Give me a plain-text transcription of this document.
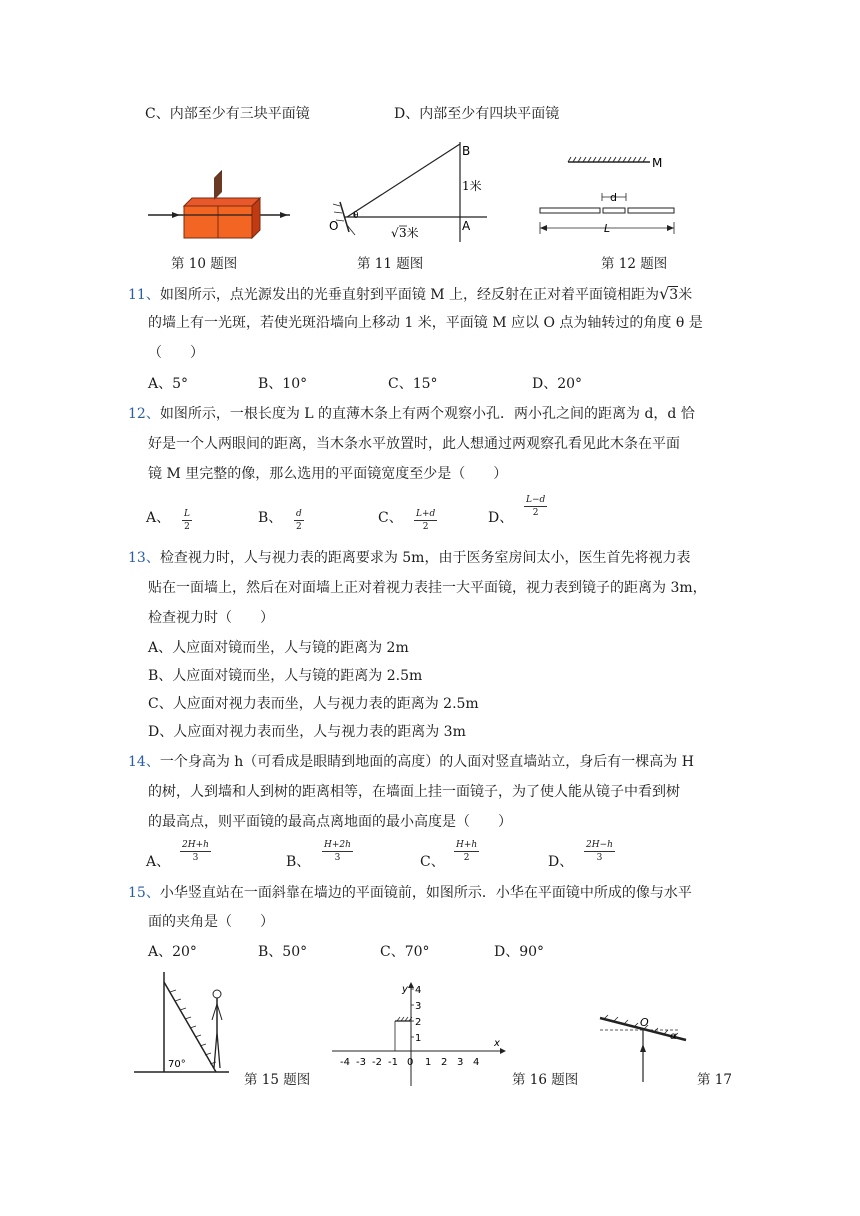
C、内部至少有三块平面镜	D、内部至少有四块平面镜
第 10 题图
θ
O
B
A
1米
√ 3米
第 11 题图
M
d
L
第 12 题图
11、如图所示，点光源发出的光垂直射到平面镜 M 上，经反射在正对着平面镜相距为√3米
的墙上有一光斑，若使光斑沿墙向上移动 1 米，平面镜 M 应以 O 点为轴转过的角度 θ 是
（　　）
A、5°	B、10°	C、15°	D、20°
12、如图所示，一根长度为 L 的直薄木条上有两个观察小孔．两小孔之间的距离为 d，d 恰
好是一个人两眼间的距离，当木条水平放置时，此人想通过两观察孔看见此木条在平面
镜 M 里完整的像，那么选用的平面镜宽度至少是（　　）
A、 L
2
B、 d
2
C、 L+d
2
D、
L−d
2
13、检查视力时，人与视力表的距离要求为 5m，由于医务室房间太小，医生首先将视力表
贴在一面墙上，然后在对面墙上正对着视力表挂一大平面镜，视力表到镜子的距离为 3m，
检查视力时（　　）
A、人应面对镜而坐，人与镜的距离为 2m
B、人应面对镜而坐，人与镜的距离为 2.5m
C、人应面对视力表而坐，人与视力表的距离为 2.5m
D、人应面对视力表而坐，人与视力表的距离为 3m
14、一个身高为 h（可看成是眼睛到地面的高度）的人面对竖直墙站立，身后有一棵高为 H
的树，人到墙和人到树的距离相等，在墙面上挂一面镜子，为了使人能从镜子中看到树
的最高点，则平面镜的最高点离地面的最小高度是（　　）
A、
2H+h
3	B、
H+2h
3	C、
H+h
2	D、
2H−h
3
15、小华竖直站在一面斜靠在墙边的平面镜前，如图所示．小华在平面镜中所成的像与水平
面的夹角是（　　）
A、20°	B、50°	C、70°	D、90°
70°
第 15 题图
x
y
-4 -3 -2 -1 0 1 2 3 4
1
2
3
4
第 16 题图
O
α
第 17
